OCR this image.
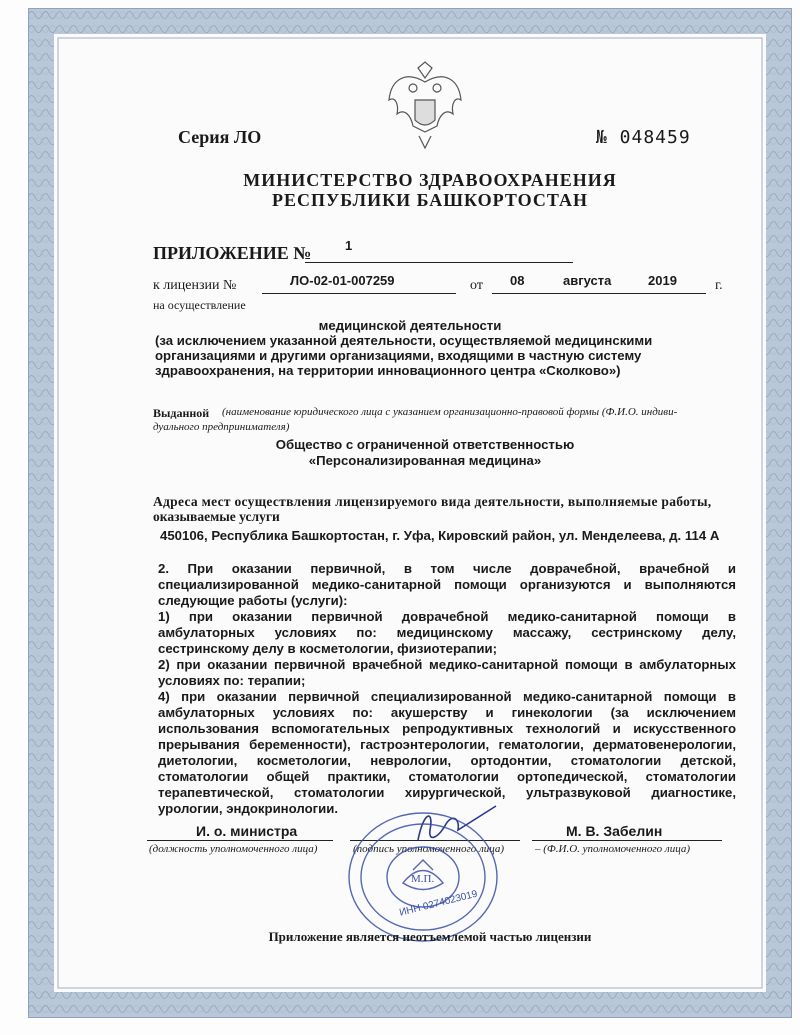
Серия ЛО	№ 048459
МИНИСТЕРСТВО ЗДРАВООХРАНЕНИЯ
РЕСПУБЛИКИ БАШКОРТОСТАН
ПРИЛОЖЕНИЕ №	1
к лицензии №	ЛО-02-01-007259	от 08	августа	2019	г.
на осуществление
медицинской деятельности
(за исключением указанной деятельности, осуществляемой медицинскими
организациями и другими организациями, входящими в частную систему
здравоохранения, на территории инновационного центра «Сколково»)
Выданной (наименование юридического лица с указанием организационно-правовой формы (Ф.И.О. индиви-
дуального предпринимателя)
Общество с ограниченной ответственностью
«Персонализированная медицина»
Адреса мест осуществления лицензируемого вида деятельности, выполняемые работы,
оказываемые услуги
450106, Республика Башкортостан, г. Уфа, Кировский район, ул. Менделеева, д. 114 А
2. При оказании первичной, в том числе доврачебной, врачебной и
специализированной медико-санитарной помощи организуются и выполняются
следующие работы (услуги):
1) при оказании первичной доврачебной медико-санитарной помощи в
амбулаторных условиях по: медицинскому массажу, сестринскому делу,
сестринскому делу в косметологии, физиотерапии;
2) при оказании первичной врачебной медико-санитарной помощи в амбулаторных
условиях по: терапии;
4) при оказании первичной специализированной медико-санитарной помощи в
амбулаторных условиях по: акушерству и гинекологии (за исключением
использования вспомогательных репродуктивных технологий и искусственного
прерывания беременности), гастроэнтерологии, гематологии, дерматовенерологии,
диетологии, косметологии, неврологии, ортодонтии, стоматологии детской,
стоматологии общей практики, стоматологии ортопедической, стоматологии
терапевтической, стоматологии хирургической, ультразвуковой диагностике,
урологии, эндокринологии.
И. о. министра
(должность уполномоченного лица)	(подпись уполномоченного лица)
М. В. Забелин
– (Ф.И.О. уполномоченного лица)
М.П.
ИНН 0274023019
Приложение является неотъемлемой частью лицензии
